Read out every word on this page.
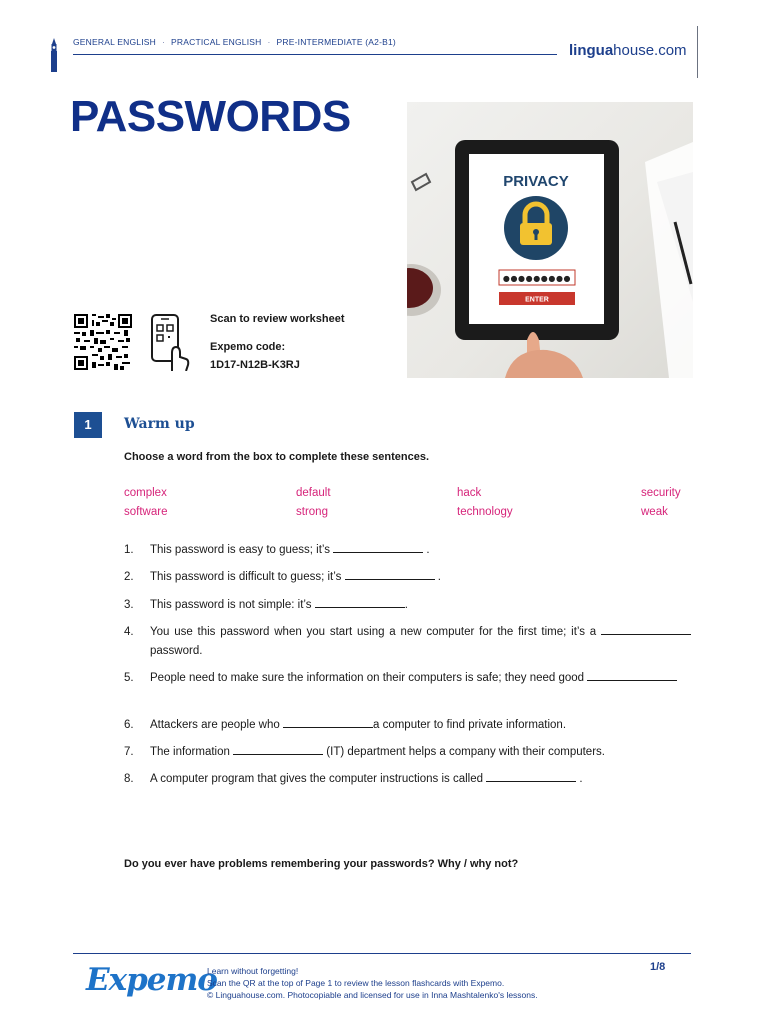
GENERAL ENGLISH · PRACTICAL ENGLISH · PRE-INTERMEDIATE (A2-B1)	linguahouse.com
PASSWORDS
PRIVACY
●●●●●●●●●
ENTER
Scan to review worksheet
Expemo code:
1D17-N12B-K3RJ
1	Warm up
Choose a word from the box to complete these sentences.
complex	default	hack	security
software	strong	technology	weak
1. This password is easy to guess; it’s	.
2. This password is difficult to guess; it’s	.
3. This password is not simple: it’s	.
4. You use this password when you start using a new computer for the first time; it’s a password.
5. People need to make sure the information on their computers is safe; they need good
6. Attackers are people who	a computer to find private information.
7. The information	(IT) department helps a company with their computers.
8. A computer program that gives the computer instructions is called	.
Do you ever have problems remembering your passwords? Why / why not?
Expemo
Learn without forgetting!
Scan the QR at the top of Page 1 to review the lesson flashcards with Expemo.
© Linguahouse.com. Photocopiable and licensed for use in Inna Mashtalenko's lessons.
1/8
